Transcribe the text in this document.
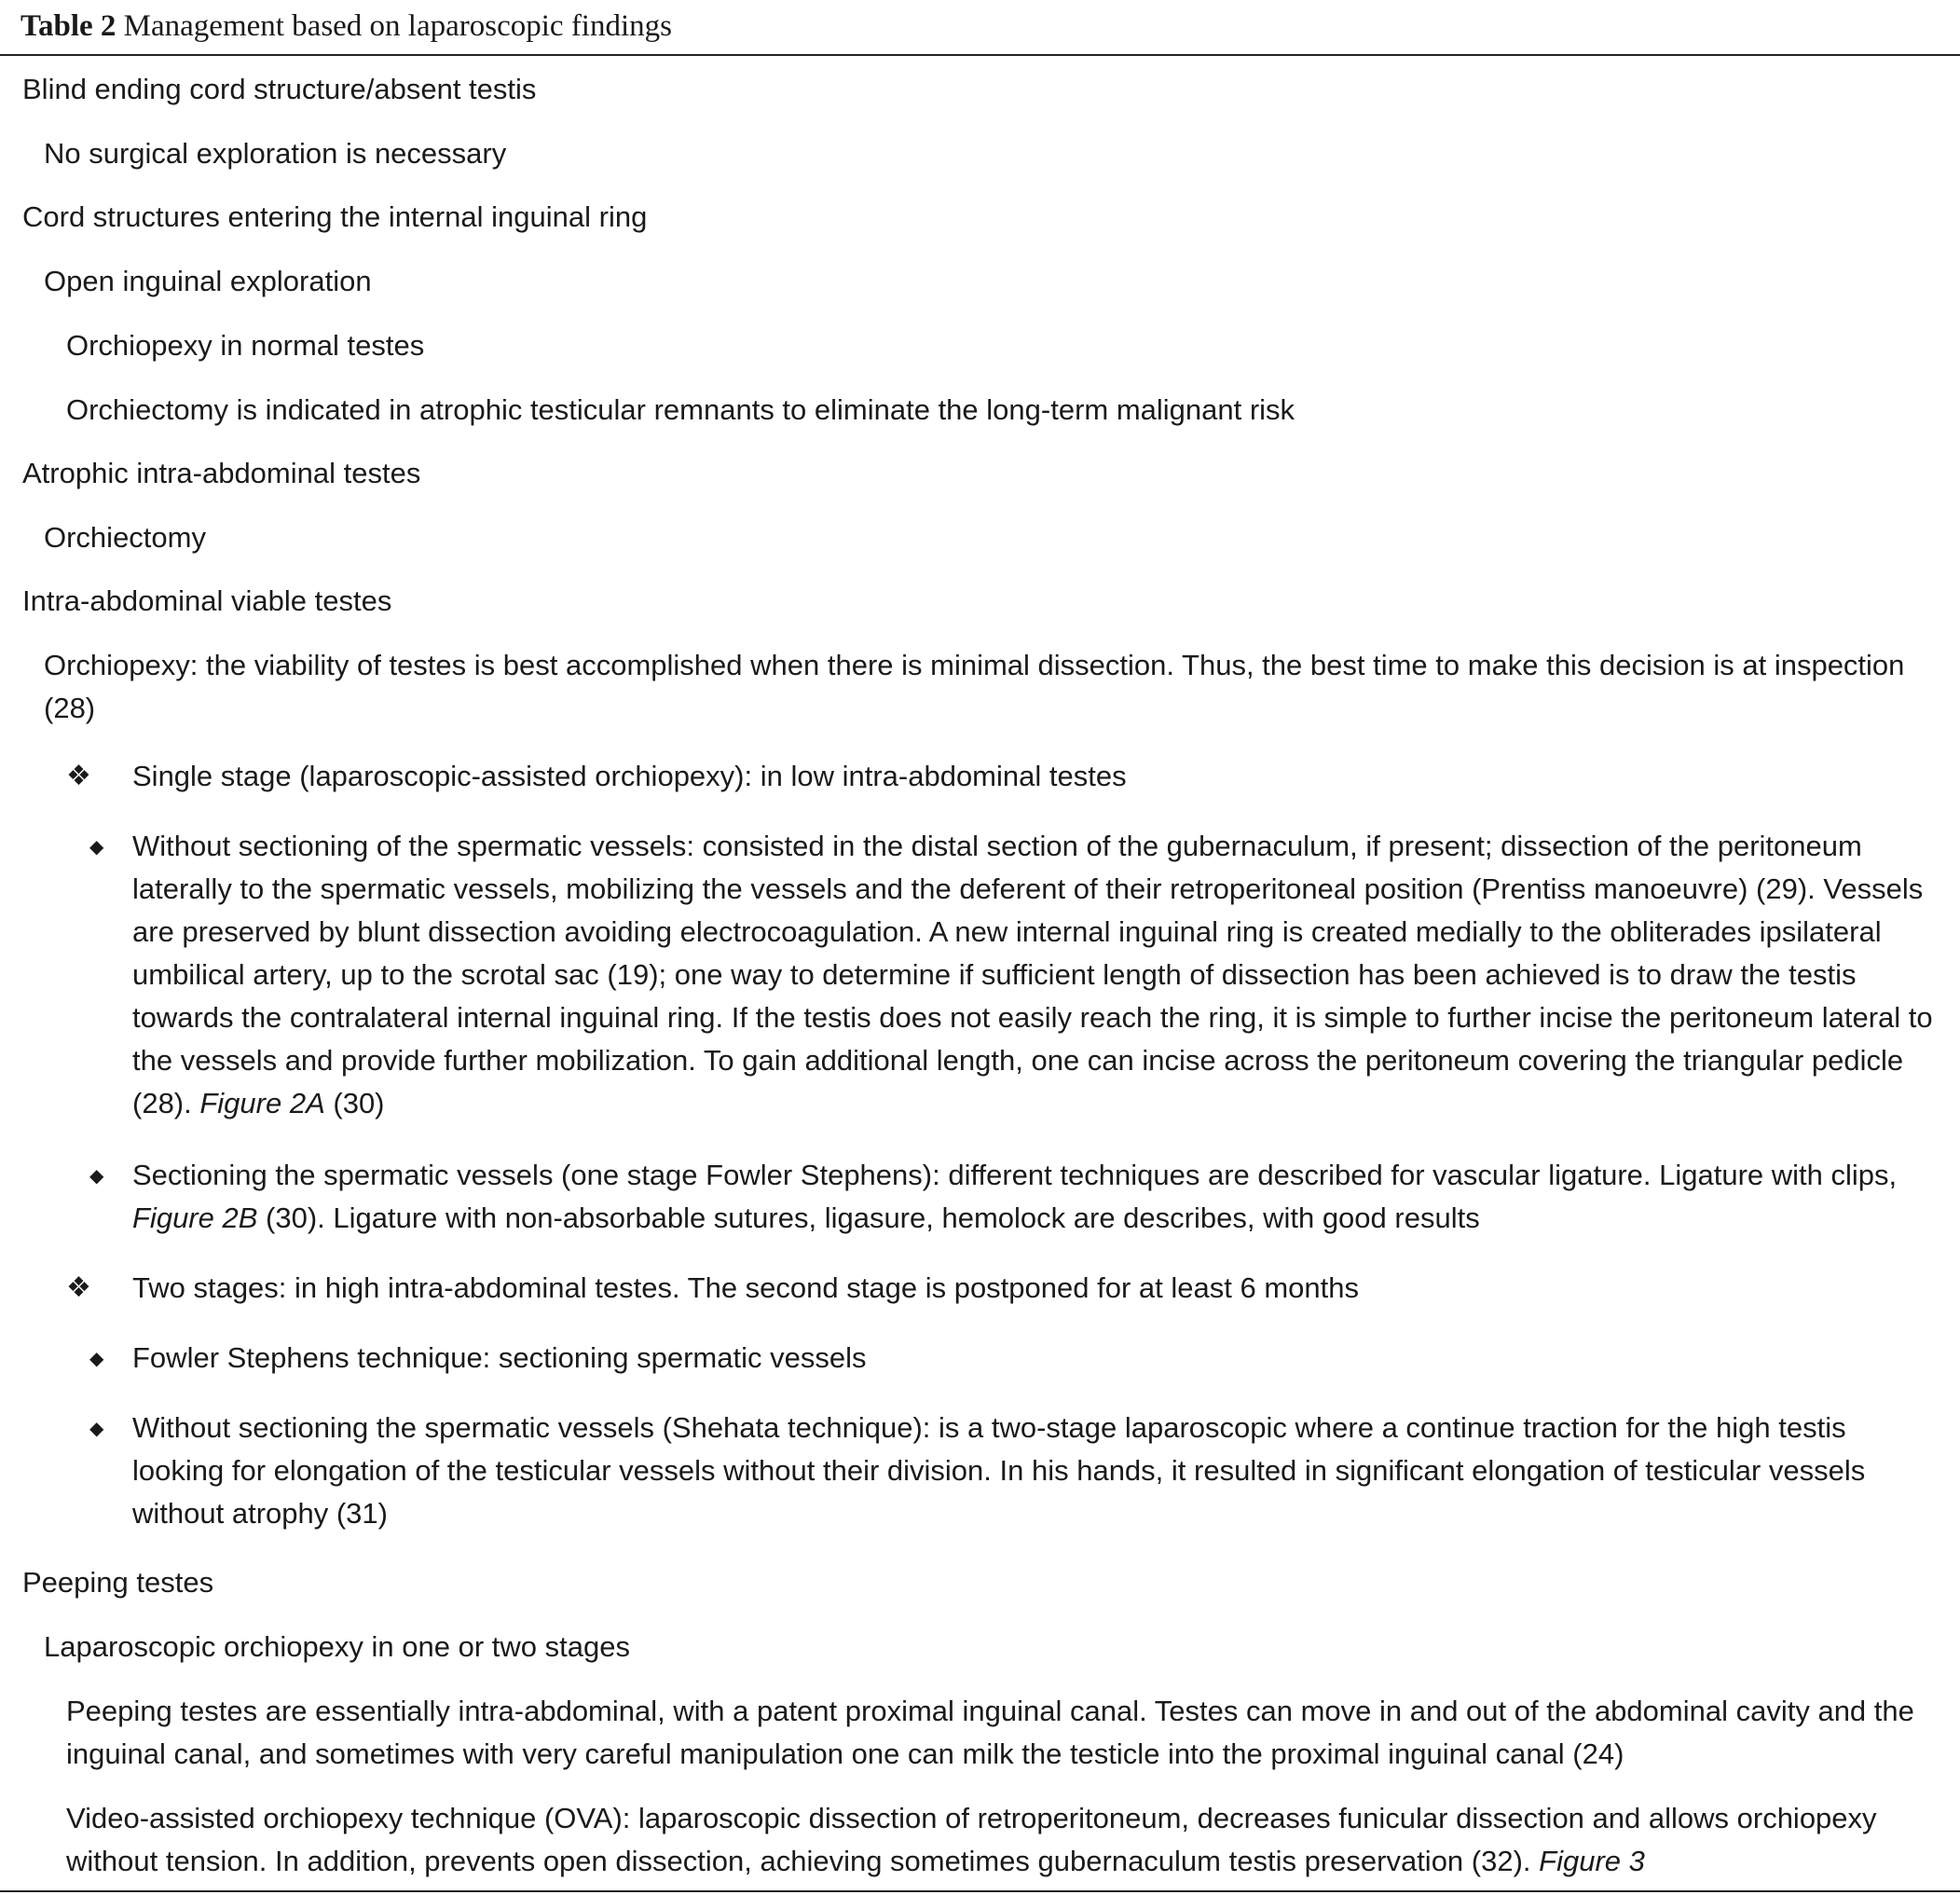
Table 2 Management based on laparoscopic findings
Blind ending cord structure/absent testis
No surgical exploration is necessary
Cord structures entering the internal inguinal ring
Open inguinal exploration
Orchiopexy in normal testes
Orchiectomy is indicated in atrophic testicular remnants to eliminate the long-term malignant risk
Atrophic intra-abdominal testes
Orchiectomy
Intra-abdominal viable testes
Orchiopexy: the viability of testes is best accomplished when there is minimal dissection. Thus, the best time to make this decision is at inspection (28)
❖ Single stage (laparoscopic-assisted orchiopexy): in low intra-abdominal testes
◆ Without sectioning of the spermatic vessels: consisted in the distal section of the gubernaculum, if present; dissection of the peritoneum laterally to the spermatic vessels, mobilizing the vessels and the deferent of their retroperitoneal position (Prentiss manoeuvre) (29). Vessels are preserved by blunt dissection avoiding electrocoagulation. A new internal inguinal ring is created medially to the obliterades ipsilateral umbilical artery, up to the scrotal sac (19); one way to determine if sufficient length of dissection has been achieved is to draw the testis towards the contralateral internal inguinal ring. If the testis does not easily reach the ring, it is simple to further incise the peritoneum lateral to the vessels and provide further mobilization. To gain additional length, one can incise across the peritoneum covering the triangular pedicle (28). Figure 2A (30)
◆ Sectioning the spermatic vessels (one stage Fowler Stephens): different techniques are described for vascular ligature. Ligature with clips, Figure 2B (30). Ligature with non-absorbable sutures, ligasure, hemolock are describes, with good results
❖ Two stages: in high intra-abdominal testes. The second stage is postponed for at least 6 months
◆ Fowler Stephens technique: sectioning spermatic vessels
◆ Without sectioning the spermatic vessels (Shehata technique): is a two-stage laparoscopic where a continue traction for the high testis looking for elongation of the testicular vessels without their division. In his hands, it resulted in significant elongation of testicular vessels without atrophy (31)
Peeping testes
Laparoscopic orchiopexy in one or two stages
Peeping testes are essentially intra-abdominal, with a patent proximal inguinal canal. Testes can move in and out of the abdominal cavity and the inguinal canal, and sometimes with very careful manipulation one can milk the testicle into the proximal inguinal canal (24)
Video-assisted orchiopexy technique (OVA): laparoscopic dissection of retroperitoneum, decreases funicular dissection and allows orchiopexy without tension. In addition, prevents open dissection, achieving sometimes gubernaculum testis preservation (32). Figure 3
